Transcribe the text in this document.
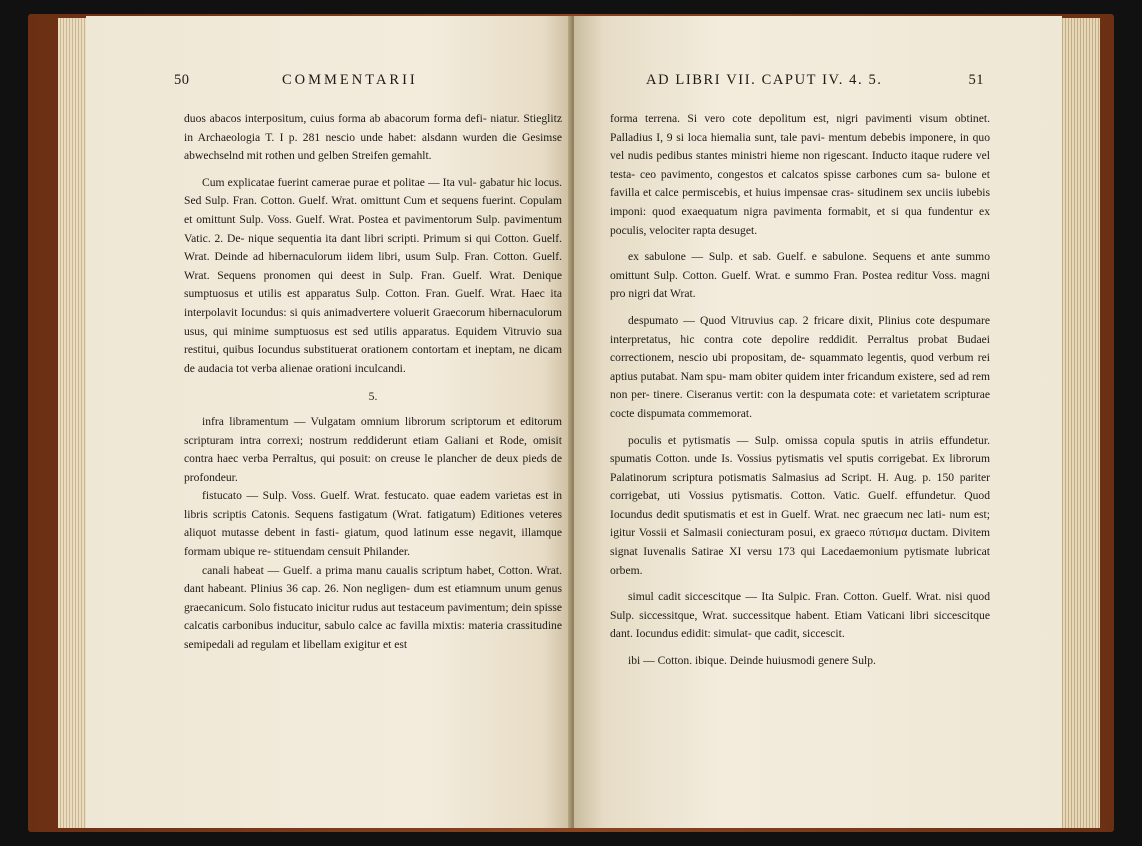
50	COMMENTARII

duos abacos interpositum, cuius forma ab abacorum forma defi- niatur. Stieglitz in Archaeologia T. I p. 281 nescio unde habet: alsdann wurden die Gesimse abwechselnd mit rothen und gelben Streifen gemahlt.

Cum explicatae fuerint camerae purae et politae — Ita vul- gabatur hic locus. Sed Sulp. Fran. Cotton. Guelf. Wrat. omittunt Cum et sequens fuerint. Copulam et omittunt Sulp. Voss. Guelf. Wrat. Postea et pavimentorum Sulp. pavimentum Vatic. 2. De- nique sequentia ita dant libri scripti. Primum si qui Cotton. Guelf. Wrat. Deinde ad hibernaculorum iidem libri, usum Sulp. Fran. Cotton. Guelf. Wrat. Sequens pronomen qui deest in Sulp. Fran. Guelf. Wrat. Denique sumptuosus et utilis est apparatus Sulp. Cotton. Fran. Guelf. Wrat. Haec ita interpolavit Iocundus: si quis animadvertere voluerit Graecorum hibernaculorum usus, qui minime sumptuosus est sed utilis apparatus. Equidem Vitruvio sua restitui, quibus Iocundus substituerat orationem contortam et ineptam, ne dicam de audacia tot verba alienae orationi inculcandi.

5.

infra libramentum — Vulgatam omnium librorum scriptorum et editorum scripturam intra correxi; nostrum reddiderunt etiam Galiani et Rode, omisit contra haec verba Perraltus, qui posuit: on creuse le plancher de deux pieds de profondeur.

fistucato — Sulp. Voss. Guelf. Wrat. festucato. quae eadem varietas est in libris scriptis Catonis. Sequens fastigatum (Wrat. fatigatum) Editiones veteres aliquot mutasse debent in fasti- giatum, quod latinum esse negavit, illamque formam ubique re- stituendam censuit Philander.

canali habeat — Guelf. a prima manu caualis scriptum habet, Cotton. Wrat. dant habeant. Plinius 36 cap. 26. Non negligen- dum est etiamnum unum genus graecanicum. Solo fistucato inicitur rudus aut testaceum pavimentum; dein spisse calcatis carbonibus inducitur, sabulo calce ac favilla mixtis: materia crassitudine semipedali ad regulam et libellam exigitur et est

AD LIBRI VII. CAPUT IV. 4. 5.	51

forma terrena. Si vero cote depolitum est, nigri pavimenti visum obtinet. Palladius I, 9 si loca hiemalia sunt, tale pavi- mentum debebis imponere, in quo vel nudis pedibus stantes ministri hieme non rigescant. Inducto itaque rudere vel testa- ceo pavimento, congestos et calcatos spisse carbones cum sa- bulone et favilla et calce permiscebis, et huius impensae cras- situdinem sex unciis iubebis imponi: quod exaequatum nigra pavimenta formabit, et si qua fundentur ex poculis, velociter rapta desuget.

ex sabulone — Sulp. et sab. Guelf. e sabulone. Sequens et ante summo omittunt Sulp. Cotton. Guelf. Wrat. e summo Fran. Postea reditur Voss. magni pro nigri dat Wrat.

despumato — Quod Vitruvius cap. 2 fricare dixit, Plinius cote despumare interpretatus, hic contra cote depolire reddidit. Perraltus probat Budaei correctionem, nescio ubi propositam, de- squammato legentis, quod verbum rei aptius putabat. Nam spu- mam obiter quidem inter fricandum existere, sed ad rem non per- tinere. Ciseranus vertit: con la despumata cote: et varietatem scripturae cocte dispumata commemorat.

poculis et pytismatis — Sulp. omissa copula sputis in atriis effundetur. spumatis Cotton. unde Is. Vossius pytismatis vel sputis corrigebat. Ex librorum Palatinorum scriptura potismatis Salmasius ad Script. H. Aug. p. 150 pariter corrigebat, uti Vossius pytismatis. Cotton. Vatic. Guelf. effundetur. Quod Iocundus dedit sputismatis et est in Guelf. Wrat. nec graecum nec lati- num est; igitur Vossii et Salmasii coniecturam posui, ex graeco πύτισμα ductam. Divitem signat Iuvenalis Satirae XI versu 173 qui Lacedaemonium pytismate lubricat orbem.

simul cadit siccescitque — Ita Sulpic. Fran. Cotton. Guelf. Wrat. nisi quod Sulp. siccessitque, Wrat. successitque habent. Etiam Vaticani libri siccescitque dant. Iocundus edidit: simulat- que cadit, siccescit.

ibi — Cotton. ibique. Deinde huiusmodi genere Sulp.
